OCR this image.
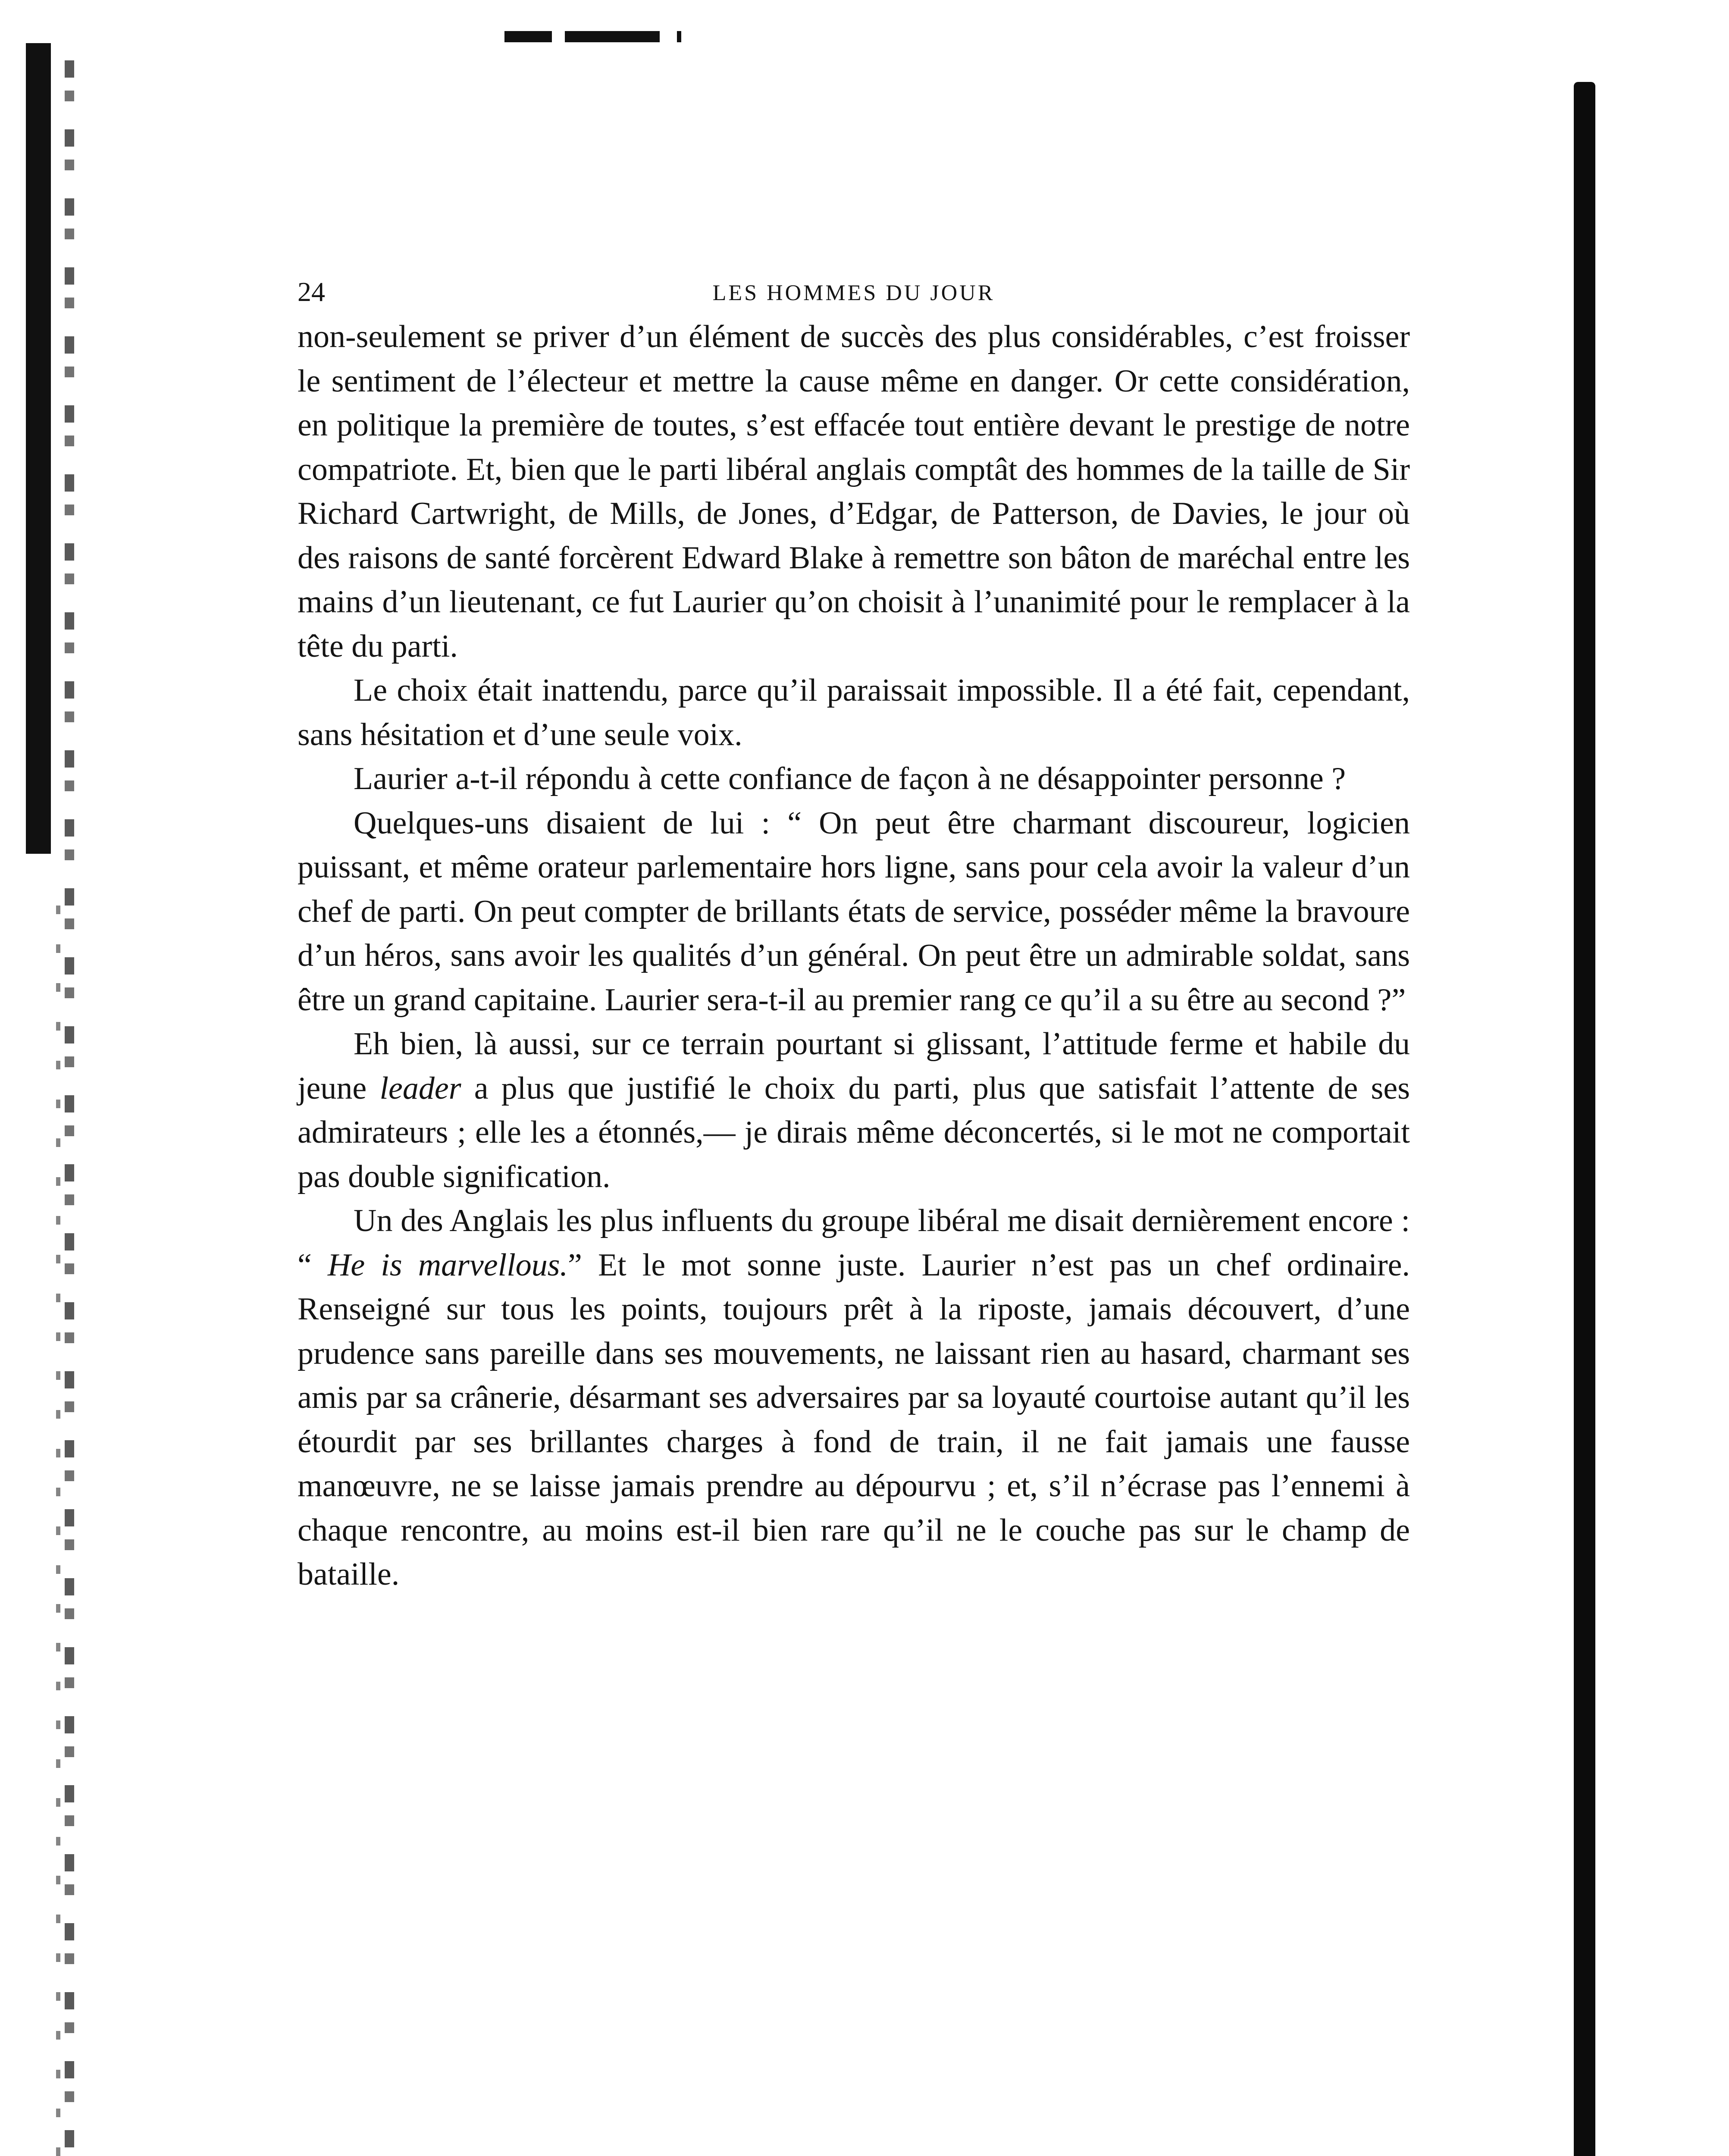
24	LES HOMMES DU JOUR

non-seulement se priver d’un élément de succès des plus considérables, c’est froisser le sentiment de l’électeur et mettre la cause même en danger. Or cette considération, en politique la première de toutes, s’est effacée tout entière devant le prestige de notre compatriote. Et, bien que le parti libéral anglais comptât des hommes de la taille de Sir Richard Cartwright, de Mills, de Jones, d’Edgar, de Patterson, de Davies, le jour où des raisons de santé forcèrent Edward Blake à remettre son bâton de maréchal entre les mains d’un lieutenant, ce fut Laurier qu’on choisit à l’unanimité pour le remplacer à la tête du parti.

Le choix était inattendu, parce qu’il paraissait impossible. Il a été fait, cependant, sans hésitation et d’une seule voix.

Laurier a-t-il répondu à cette confiance de façon à ne désappointer personne ?

Quelques-uns disaient de lui : “ On peut être charmant discoureur, logicien puissant, et même orateur parlementaire hors ligne, sans pour cela avoir la valeur d’un chef de parti. On peut compter de brillants états de service, posséder même la bravoure d’un héros, sans avoir les qualités d’un général. On peut être un admirable soldat, sans être un grand capitaine. Laurier sera-t-il au premier rang ce qu’il a su être au second ?”

Eh bien, là aussi, sur ce terrain pourtant si glissant, l’attitude ferme et habile du jeune leader a plus que justifié le choix du parti, plus que satisfait l’attente de ses admirateurs ; elle les a étonnés,— je dirais même déconcertés, si le mot ne comportait pas double signification.

Un des Anglais les plus influents du groupe libéral me disait dernièrement encore : “ He is marvellous.” Et le mot sonne juste. Laurier n’est pas un chef ordinaire. Renseigné sur tous les points, toujours prêt à la riposte, jamais découvert, d’une prudence sans pareille dans ses mouvements, ne laissant rien au hasard, charmant ses amis par sa crânerie, désarmant ses adversaires par sa loyauté courtoise autant qu’il les étourdit par ses brillantes charges à fond de train, il ne fait jamais une fausse manœuvre, ne se laisse jamais prendre au dépourvu ; et, s’il n’écrase pas l’ennemi à chaque rencontre, au moins est-il bien rare qu’il ne le couche pas sur le champ de bataille.
